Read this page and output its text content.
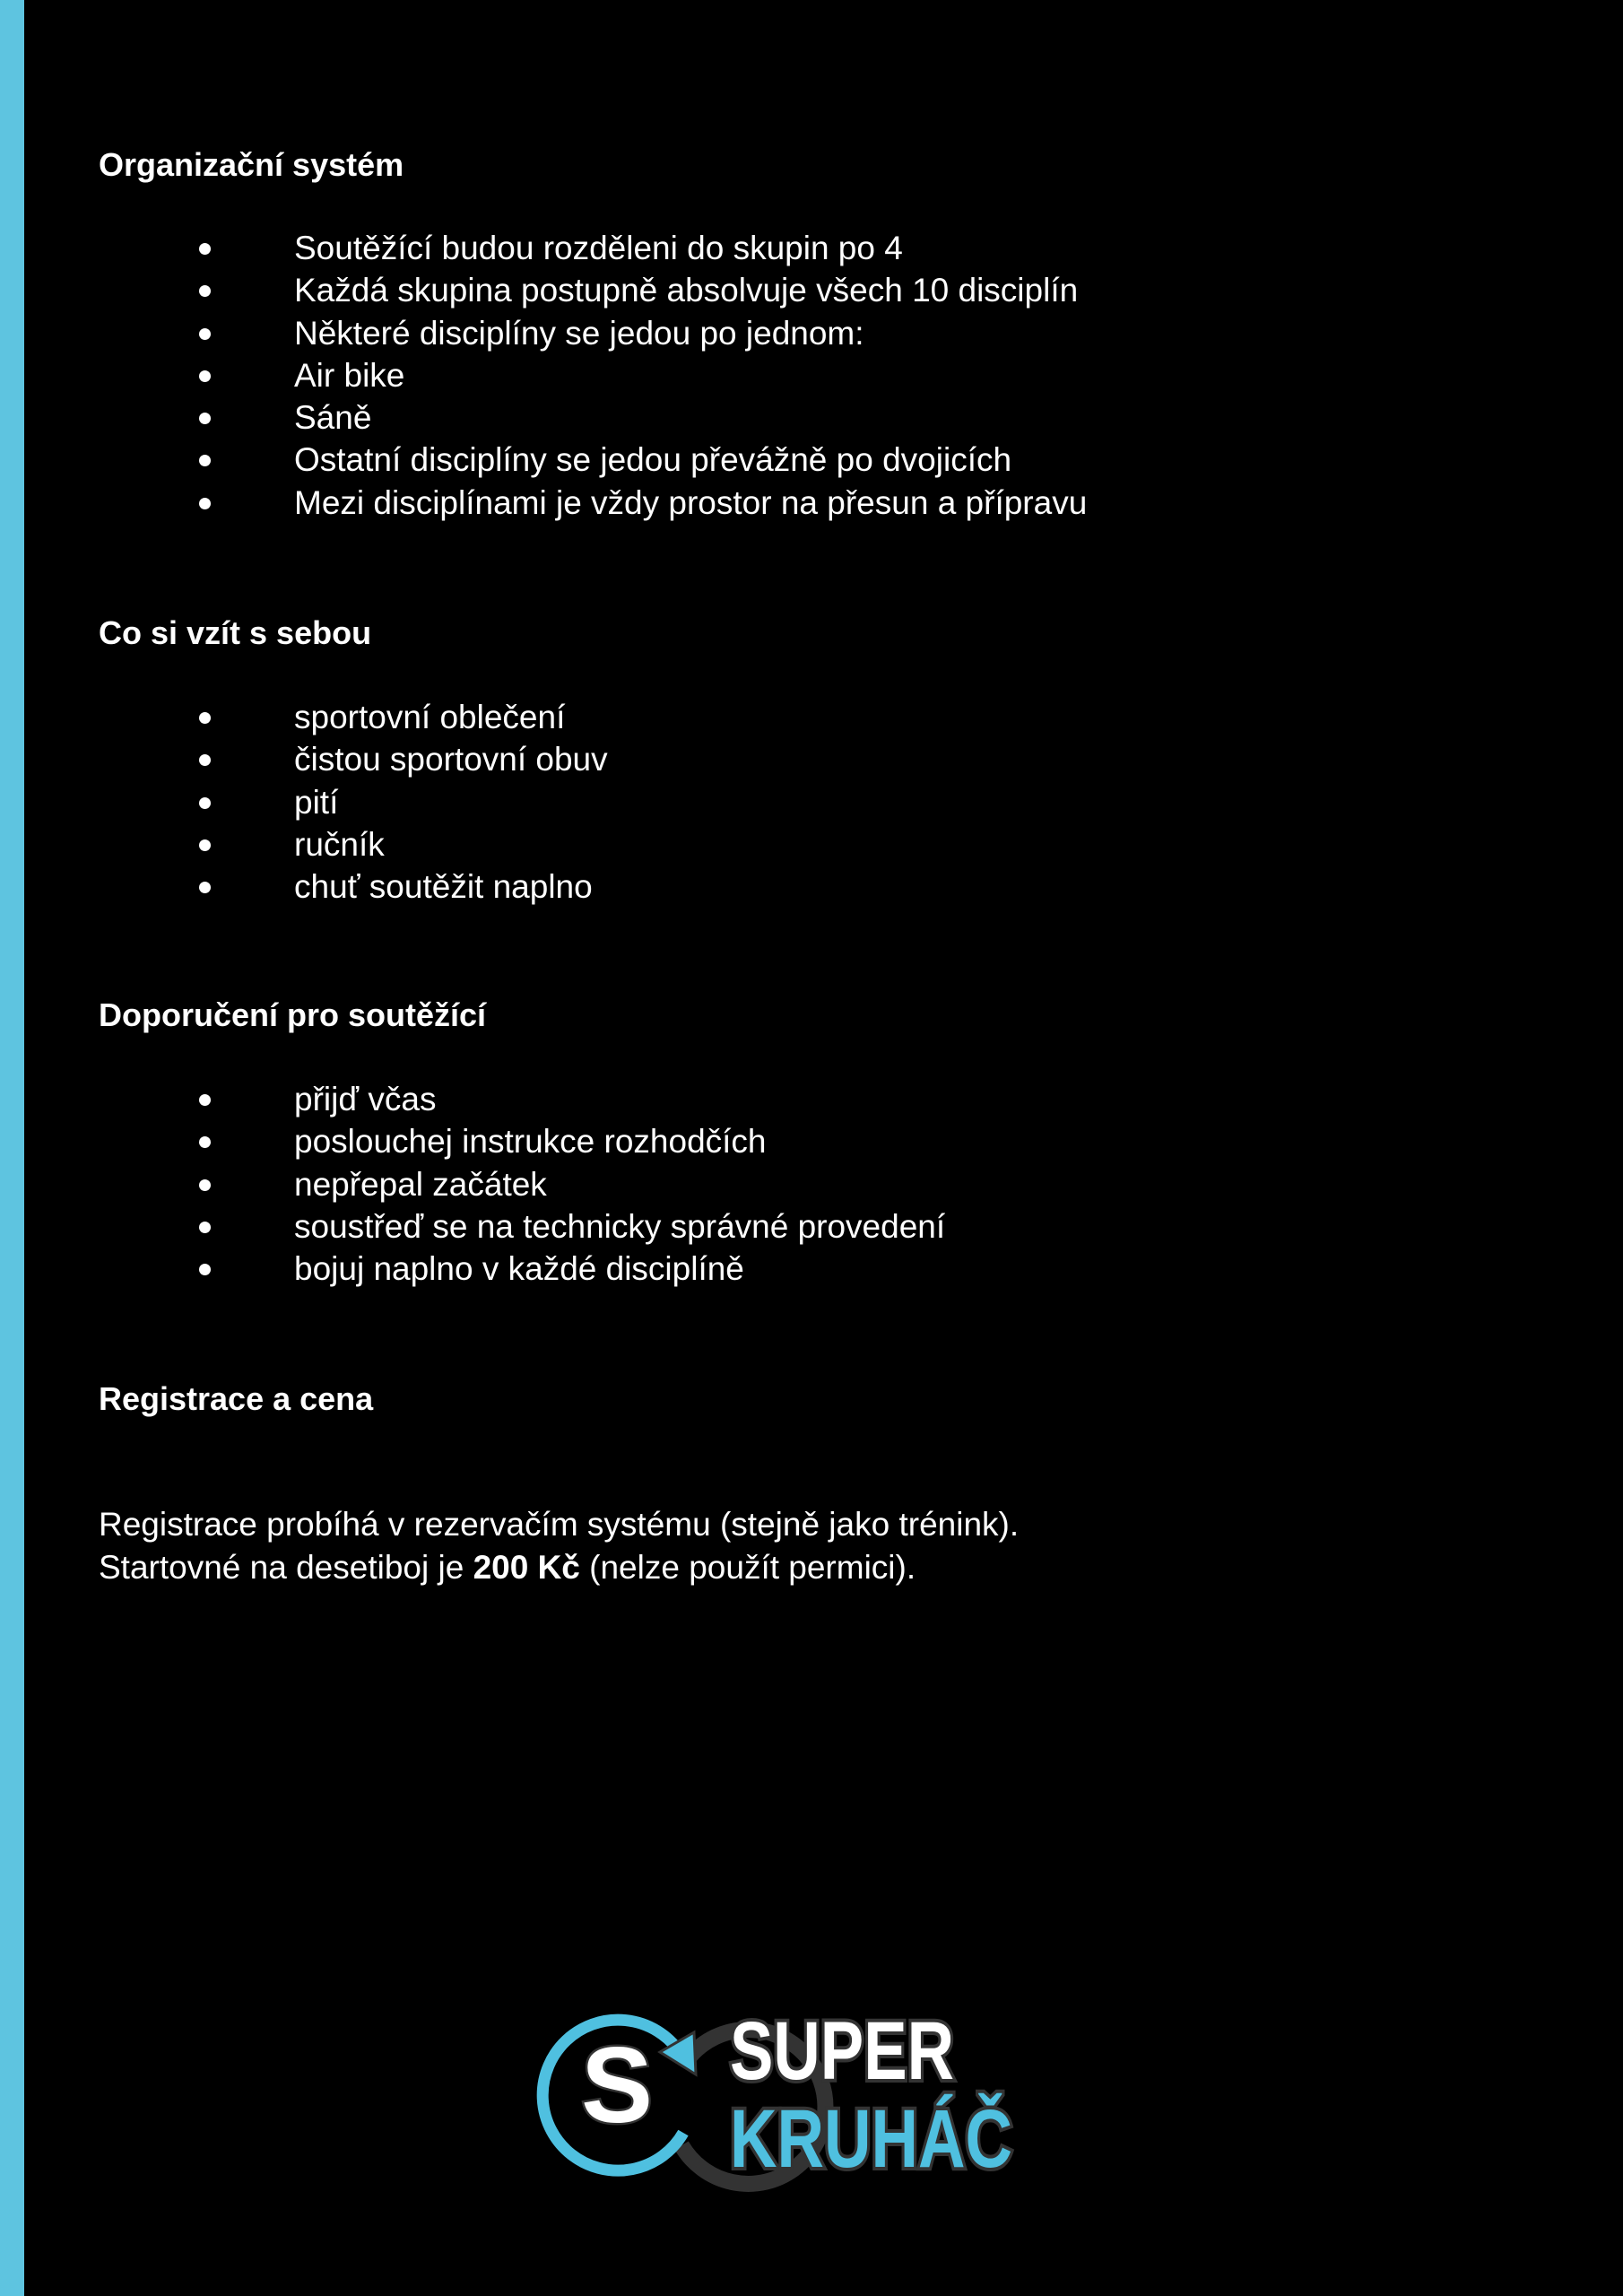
Organizační systém
Soutěžící budou rozděleni do skupin po 4
Každá skupina postupně absolvuje všech 10 disciplín
Některé disciplíny se jedou po jednom:
Air bike
Sáně
Ostatní disciplíny se jedou převážně po dvojicích
Mezi disciplínami je vždy prostor na přesun a přípravu
Co si vzít s sebou
sportovní oblečení
čistou sportovní obuv
pití
ručník
chuť soutěžit naplno
Doporučení pro soutěžící
přijď včas
poslouchej instrukce rozhodčích
nepřepal začátek
soustřeď se na technicky správné provedení
bojuj naplno v každé disciplíně
Registrace a cena

Registrace probíhá v rezervačím systému (stejně jako trénink).
Startovné na desetiboj je 200 Kč (nelze použít permici).

S SUPER
KRUHÁČ
